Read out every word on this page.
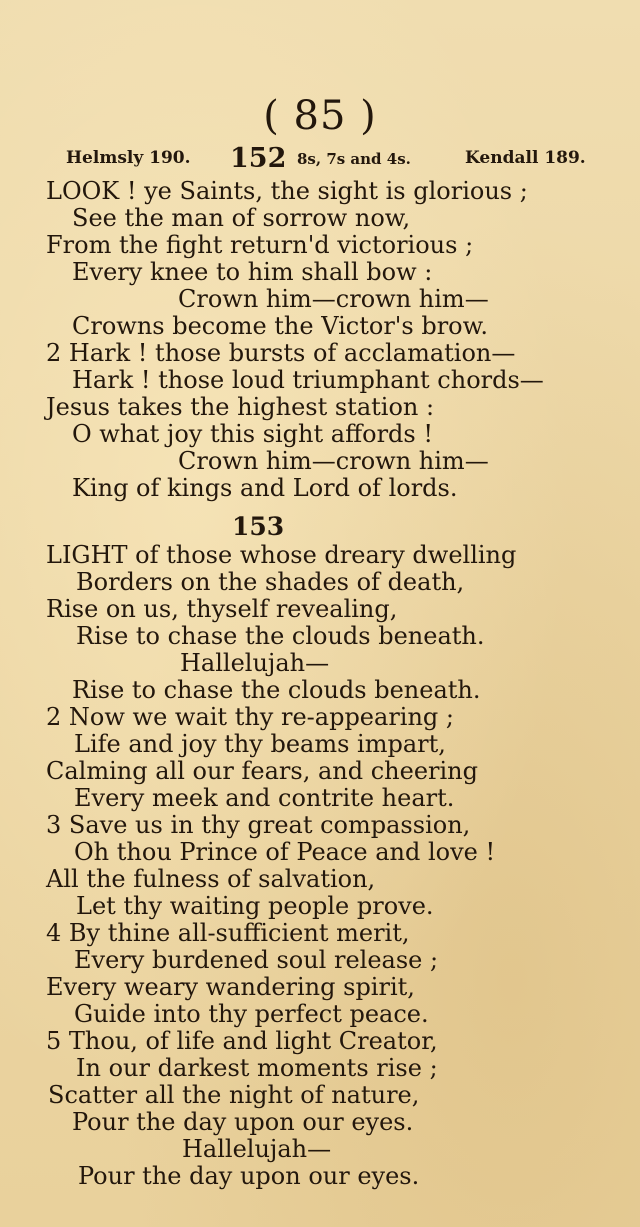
( 85 )
Helmsly 190. 152 8s, 7s and 4s.	Kendall 189.
LOOK ! ye Saints, the sight is glorious ;
See the man of sorrow now,
From the fight return'd victorious ;
Every knee to him shall bow :
Crown him—crown him—
Crowns become the Victor's brow.
2 Hark ! those bursts of acclamation—
Hark ! those loud triumphant chords—
Jesus takes the highest station :
O what joy this sight affords !
Crown him—crown him—
King of kings and Lord of lords.
153
LIGHT of those whose dreary dwelling
Borders on the shades of death,
Rise on us, thyself revealing,
Rise to chase the clouds beneath.
Hallelujah—
Rise to chase the clouds beneath.
2 Now we wait thy re-appearing ;
Life and joy thy beams impart,
Calming all our fears, and cheering
Every meek and contrite heart.
3 Save us in thy great compassion,
Oh thou Prince of Peace and love !
All the fulness of salvation,
Let thy waiting people prove.
4 By thine all-sufficient merit,
Every burdened soul release ;
Every weary wandering spirit,
Guide into thy perfect peace.
5 Thou, of life and light Creator,
In our darkest moments rise ;
Scatter all the night of nature,
Pour the day upon our eyes.
Hallelujah—
Pour the day upon our eyes.
